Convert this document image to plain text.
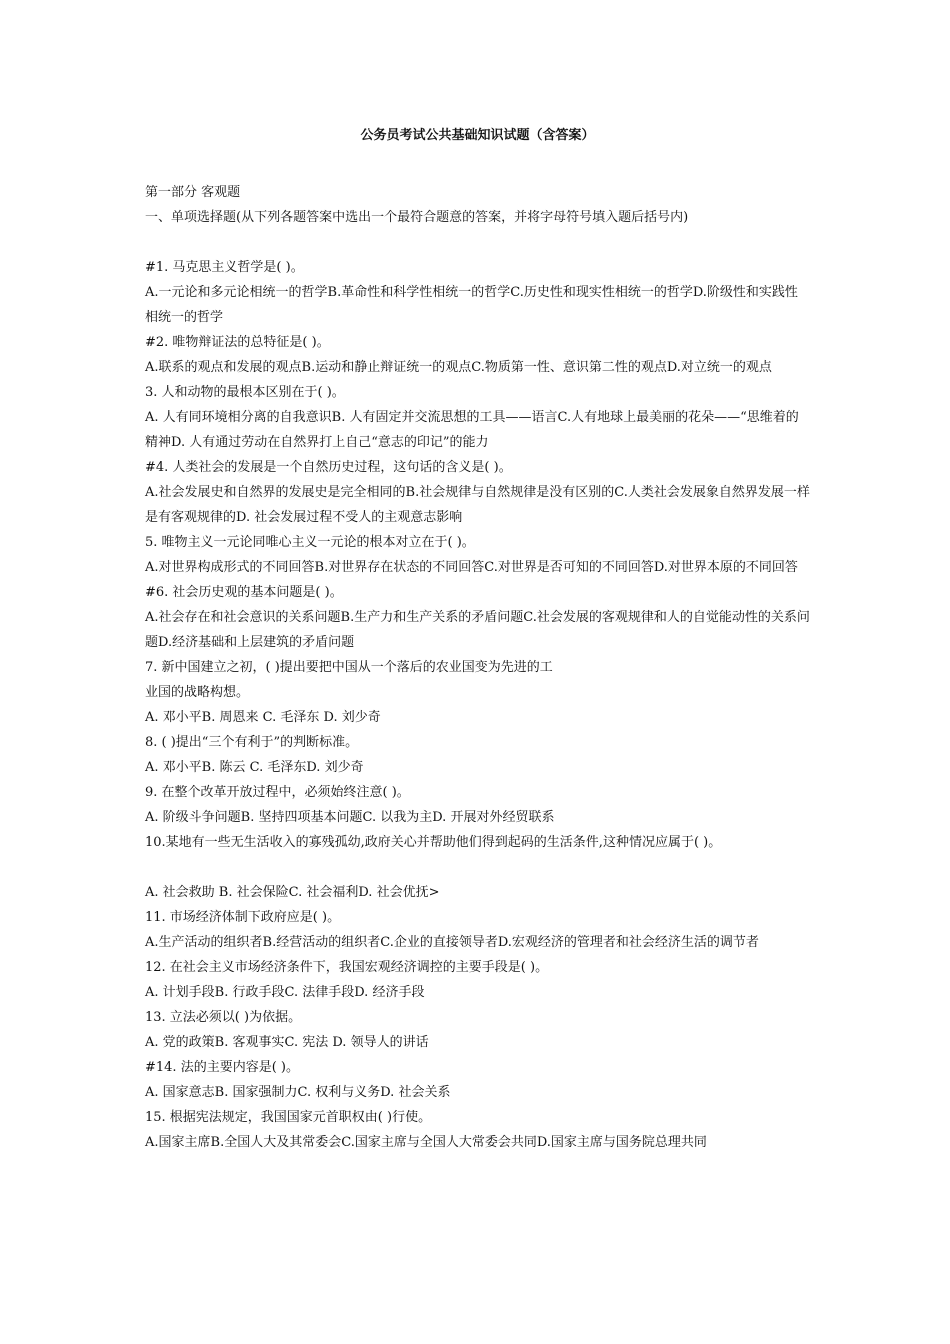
公务员考试公共基础知识试题（含答案）
第一部分 客观题
一、单项选择题(从下列各题答案中选出一个最符合题意的答案，并将字母符号填入题后括号内)
#1. 马克思主义哲学是( )。
A.一元论和多元论相统一的哲学B.革命性和科学性相统一的哲学C.历史性和现实性相统一的哲学D.阶级性和实践性相统一的哲学
#2. 唯物辩证法的总特征是( )。
A.联系的观点和发展的观点B.运动和静止辩证统一的观点C.物质第一性、意识第二性的观点D.对立统一的观点
3. 人和动物的最根本区别在于( )。
A. 人有同环境相分离的自我意识B. 人有固定并交流思想的工具——语言C.人有地球上最美丽的花朵——“思维着的精神D. 人有通过劳动在自然界打上自己“意志的印记”的能力
#4. 人类社会的发展是一个自然历史过程，这句话的含义是( )。
A.社会发展史和自然界的发展史是完全相同的B.社会规律与自然规律是没有区别的C.人类社会发展象自然界发展一样是有客观规律的D. 社会发展过程不受人的主观意志影响
5. 唯物主义一元论同唯心主义一元论的根本对立在于( )。
A.对世界构成形式的不同回答B.对世界存在状态的不同回答C.对世界是否可知的不同回答D.对世界本原的不同回答
#6. 社会历史观的基本问题是( )。
A.社会存在和社会意识的关系问题B.生产力和生产关系的矛盾问题C.社会发展的客观规律和人的自觉能动性的关系问题D.经济基础和上层建筑的矛盾问题
7. 新中国建立之初，( )提出要把中国从一个落后的农业国变为先进的工
业国的战略构想。
A. 邓小平B. 周恩来 C. 毛泽东 D. 刘少奇
8. ( )提出“三个有利于”的判断标准。
A. 邓小平B. 陈云 C. 毛泽东D. 刘少奇
9. 在整个改革开放过程中，必须始终注意( )。
A. 阶级斗争问题B. 坚持四项基本问题C. 以我为主D. 开展对外经贸联系
10.某地有一些无生活收入的寡残孤幼,政府关心并帮助他们得到起码的生活条件,这种情况应属于( )。
A. 社会救助 B. 社会保险C. 社会福利D. 社会优抚>
11. 市场经济体制下政府应是( )。
A.生产活动的组织者B.经营活动的组织者C.企业的直接领导者D.宏观经济的管理者和社会经济生活的调节者
12. 在社会主义市场经济条件下，我国宏观经济调控的主要手段是( )。
A. 计划手段B. 行政手段C. 法律手段D. 经济手段
13. 立法必须以( )为依据。
A. 党的政策B. 客观事实C. 宪法 D. 领导人的讲话
#14. 法的主要内容是( )。
A. 国家意志B. 国家强制力C. 权利与义务D. 社会关系
15. 根据宪法规定，我国国家元首职权由( )行使。
A.国家主席B.全国人大及其常委会C.国家主席与全国人大常委会共同D.国家主席与国务院总理共同
